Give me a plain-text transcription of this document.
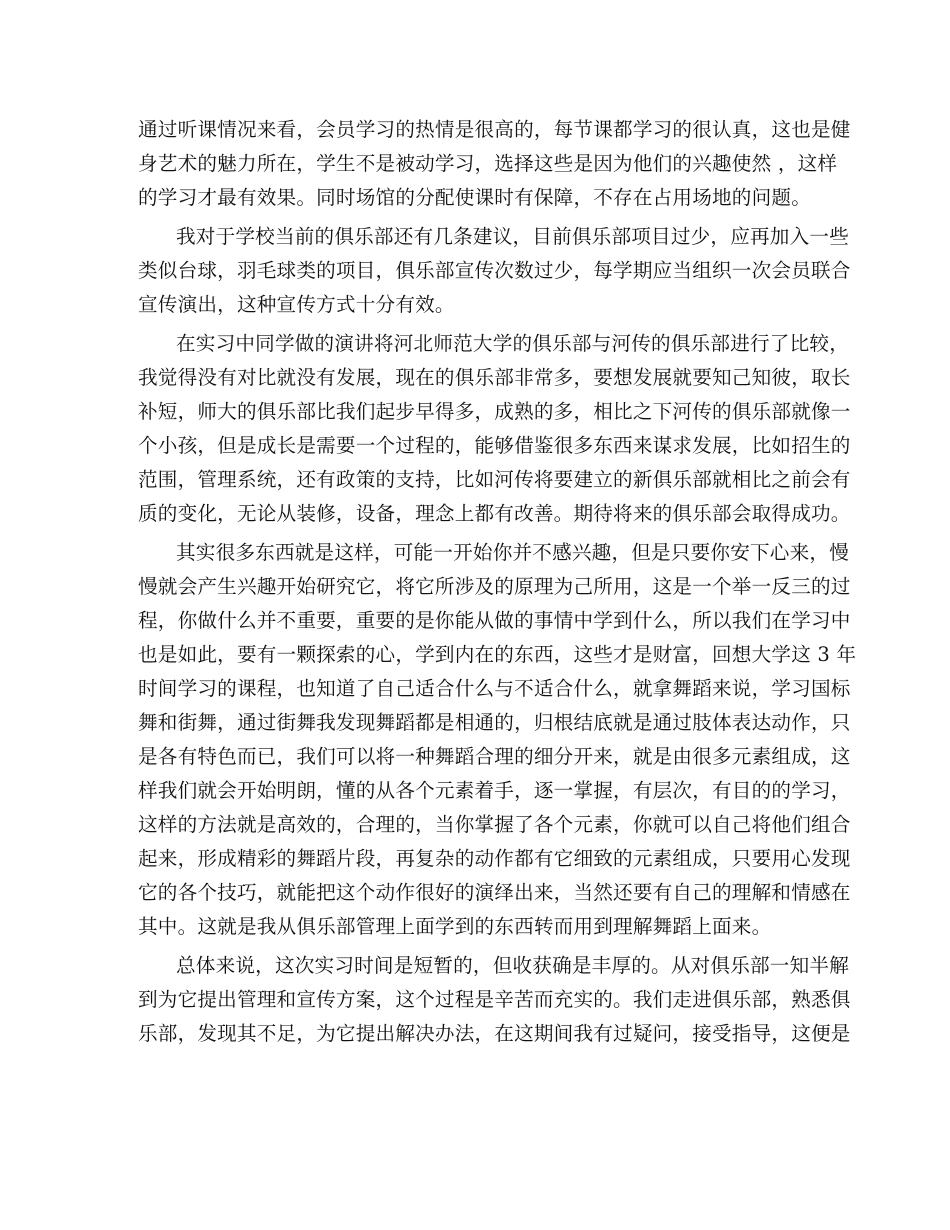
通过听课情况来看，会员学习的热情是很高的，每节课都学习的很认真，这也是健
身艺术的魅力所在，学生不是被动学习，选择这些是因为他们的兴趣使然 ，这样
的学习才最有效果。同时场馆的分配使课时有保障，不存在占用场地的问题。
我对于学校当前的俱乐部还有几条建议，目前俱乐部项目过少，应再加入一些
类似台球，羽毛球类的项目，俱乐部宣传次数过少，每学期应当组织一次会员联合
宣传演出，这种宣传方式十分有效。
在实习中同学做的演讲将河北师范大学的俱乐部与河传的俱乐部进行了比较，
我觉得没有对比就没有发展，现在的俱乐部非常多，要想发展就要知己知彼，取长
补短，师大的俱乐部比我们起步早得多，成熟的多，相比之下河传的俱乐部就像一
个小孩，但是成长是需要一个过程的，能够借鉴很多东西来谋求发展，比如招生的
范围，管理系统，还有政策的支持，比如河传将要建立的新俱乐部就相比之前会有
质的变化，无论从装修，设备，理念上都有改善。期待将来的俱乐部会取得成功。
其实很多东西就是这样，可能一开始你并不感兴趣，但是只要你安下心来，慢
慢就会产生兴趣开始研究它，将它所涉及的原理为己所用，这是一个举一反三的过
程，你做什么并不重要，重要的是你能从做的事情中学到什么，所以我们在学习中
也是如此，要有一颗探索的心，学到内在的东西，这些才是财富，回想大学这 3 年
时间学习的课程，也知道了自己适合什么与不适合什么，就拿舞蹈来说，学习国标
舞和街舞，通过街舞我发现舞蹈都是相通的，归根结底就是通过肢体表达动作，只
是各有特色而已，我们可以将一种舞蹈合理的细分开来，就是由很多元素组成，这
样我们就会开始明朗，懂的从各个元素着手，逐一掌握，有层次，有目的的学习，
这样的方法就是高效的，合理的，当你掌握了各个元素，你就可以自己将他们组合
起来，形成精彩的舞蹈片段，再复杂的动作都有它细致的元素组成，只要用心发现
它的各个技巧，就能把这个动作很好的演绎出来，当然还要有自己的理解和情感在
其中。这就是我从俱乐部管理上面学到的东西转而用到理解舞蹈上面来。
总体来说，这次实习时间是短暂的，但收获确是丰厚的。从对俱乐部一知半解
到为它提出管理和宣传方案，这个过程是辛苦而充实的。我们走进俱乐部，熟悉俱
乐部，发现其不足，为它提出解决办法，在这期间我有过疑问，接受指导，这便是
